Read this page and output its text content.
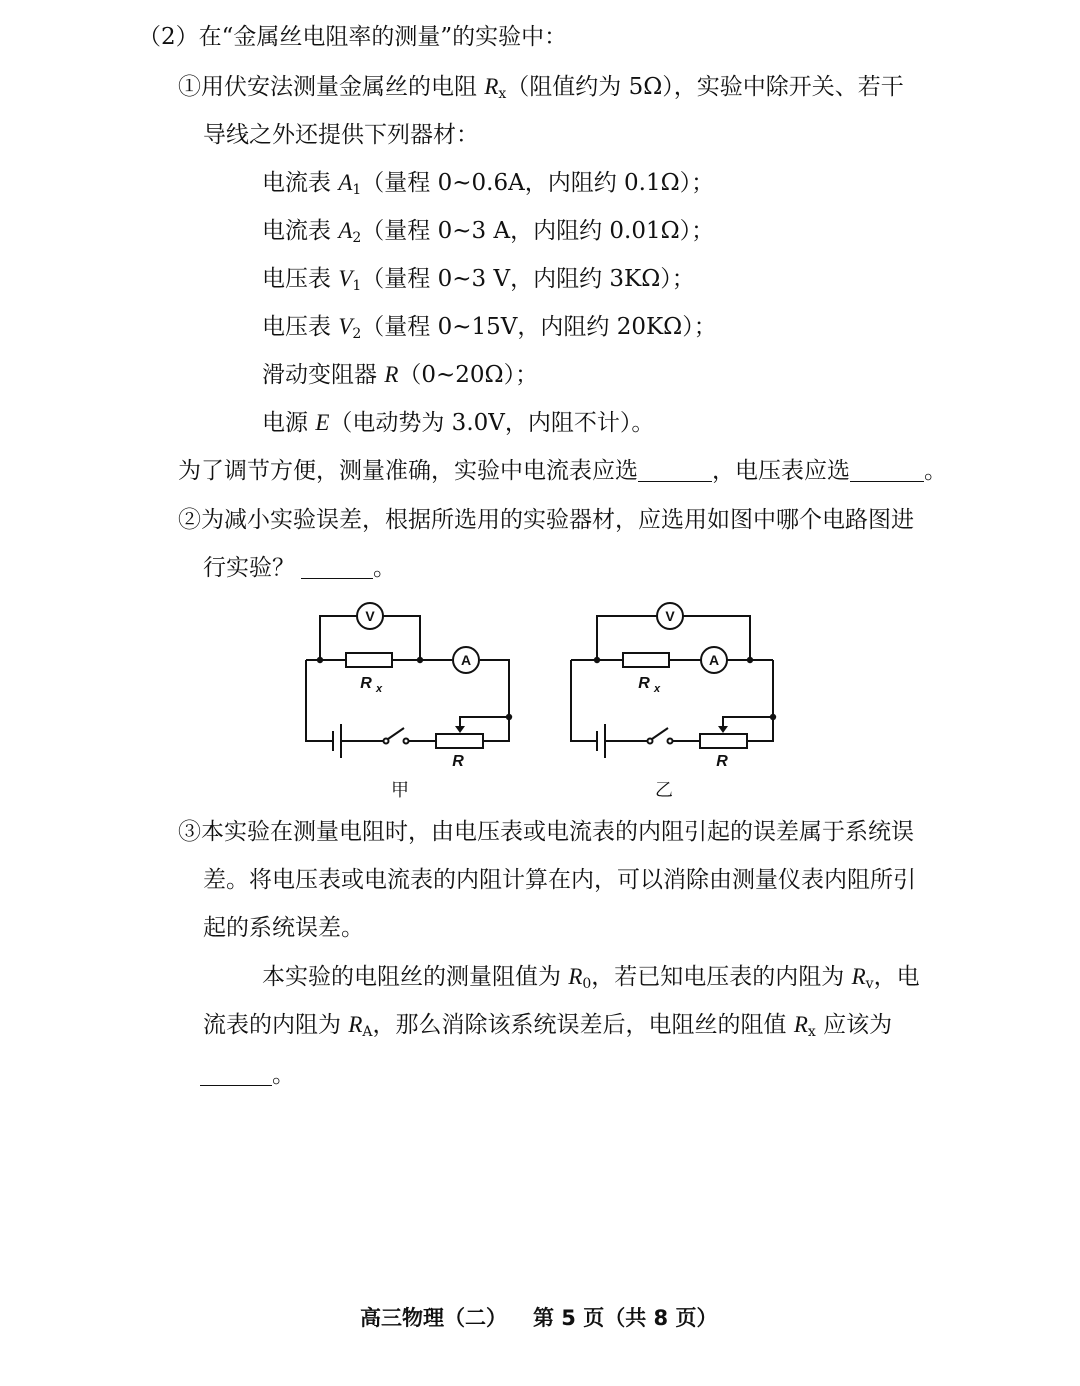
（2）在“金属丝电阻率的测量”的实验中：
①用伏安法测量金属丝的电阻 $R_x$（阻值约为 5Ω），实验中除开关、若干
导线之外还提供下列器材：
电流表 $A_1$（量程 0~0.6A，内阻约 0.1Ω）；
电流表 $A_2$（量程 0~3 A，内阻约 0.01Ω）；
电压表 $V_1$（量程 0~3 V，内阻约 3KΩ）；
电压表 $V_2$（量程 0~15V，内阻约 20KΩ）；
滑动变阻器 R（0~20Ω）；
电源 E（电动势为 3.0V，内阻不计）。
为了调节方便，测量准确，实验中电流表应选	，电压表应选	。
②为减小实验误差，根据所选用的实验器材，应选用如图中哪个电路图进
行实验？	。
V
A
R x
R
甲
V
A
R x
R
乙
③本实验在测量电阻时，由电压表或电流表的内阻引起的误差属于系统误
差。将电压表或电流表的内阻计算在内，可以消除由测量仪表内阻所引
起的系统误差。
本实验的电阻丝的测量阻值为 $R_0$，若已知电压表的内阻为 $R_v$，电
流表的内阻为 $R_A$，那么消除该系统误差后，电阻丝的阻值 $R_x$ 应该为
。
高三物理（二） 第 5 页（共 8 页）
